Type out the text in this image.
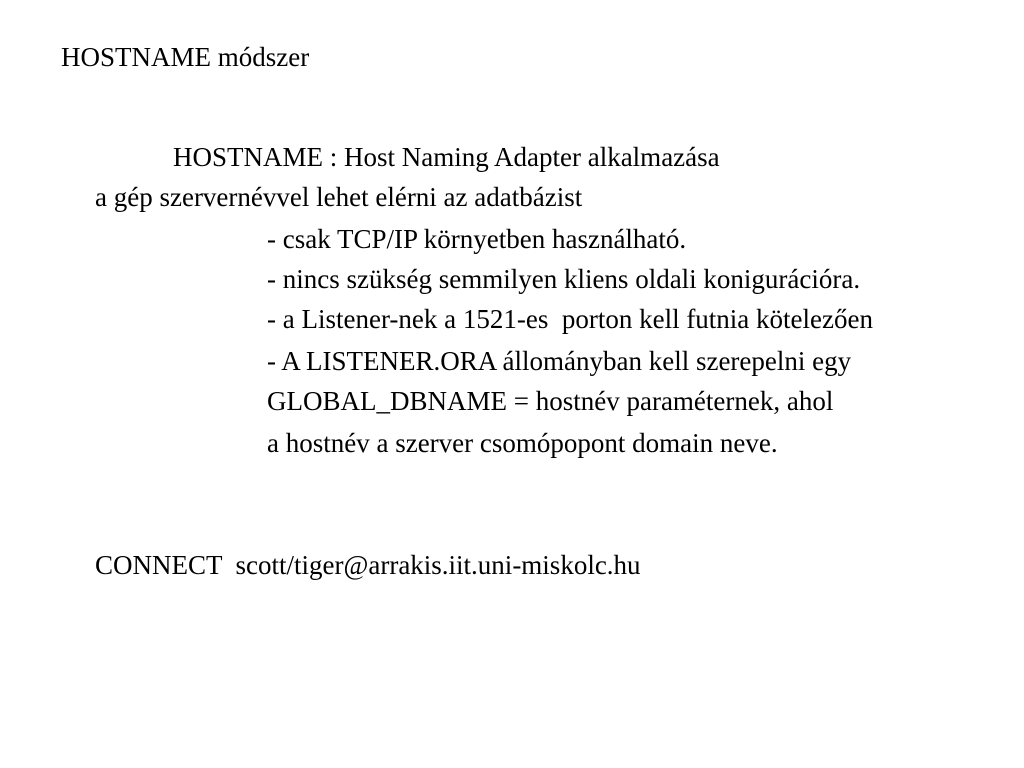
HOSTNAME módszer

HOSTNAME : Host Naming Adapter alkalmazása

a gép szervernévvel lehet elérni az adatbázist

- csak TCP/IP környetben használható.

- nincs szükség semmilyen kliens oldali konigurációra.

- a Listener-nek a 1521-es  porton kell futnia kötelezően

- A LISTENER.ORA állományban kell szerepelni egy

GLOBAL_DBNAME = hostnév paraméternek, ahol

a hostnév a szerver csomópopont domain neve.

CONNECT  scott/tiger@arrakis.iit.uni-miskolc.hu
